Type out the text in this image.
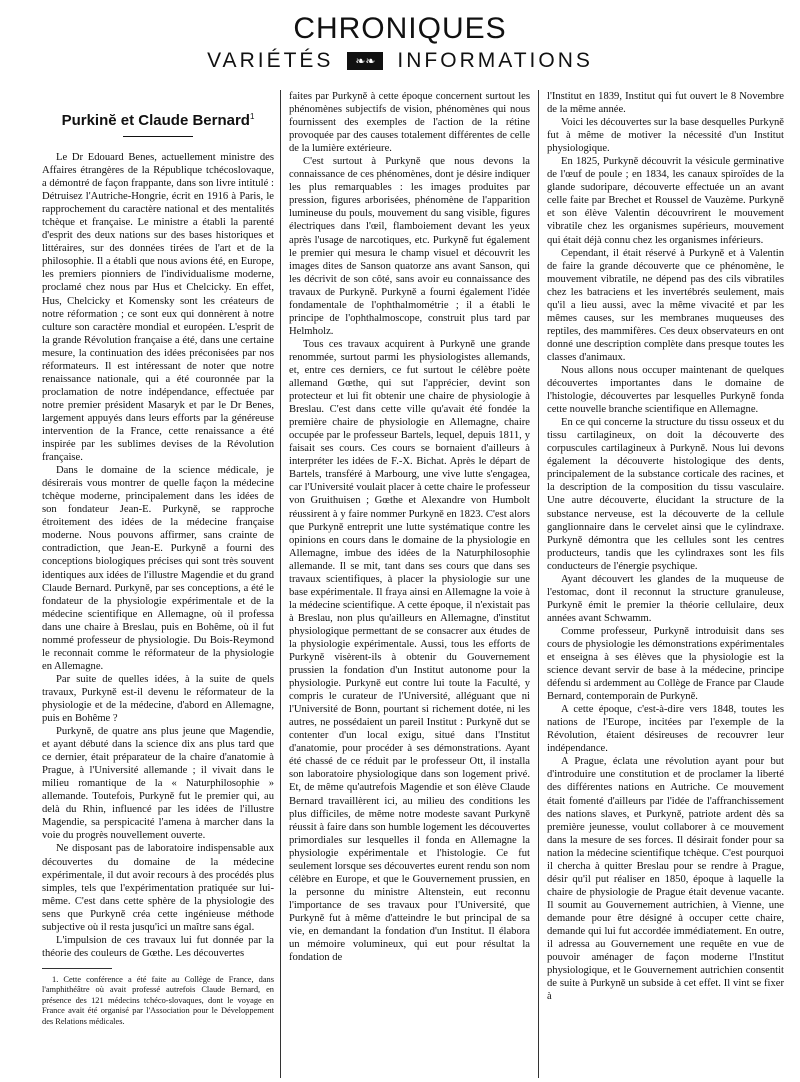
CHRONIQUES
VARIÉTÉS	❧❧	INFORMATIONS
Purkinĕ et Claude Bernard$^1$

Le Dr Edouard Benes, actuellement ministre des Affaires étrangères de la République tchécoslovaque, a démontré de façon frappante, dans son livre intitulé : Détruisez l'Autriche-Hongrie, écrit en 1916 à Paris, le rapprochement du caractère national et des mentalités tchèque et française. Le ministre a établi la parenté d'esprit des deux nations sur des bases historiques et littéraires, sur des données tirées de l'art et de la philosophie. Il a établi que nous avions été, en Europe, les premiers pionniers de l'individualisme moderne, proclamé chez nous par Hus et Chelcicky. En effet, Hus, Chelcicky et Komensky sont les créateurs de notre réformation ; ce sont eux qui donnèrent à notre culture son caractère mondial et européen. L'esprit de la grande Révolution française a été, dans une certaine mesure, la continuation des idées préconisées par nos réformateurs. Il est intéressant de noter que notre renaissance nationale, qui a été couronnée par la proclamation de notre indépendance, effectuée par notre premier président Masaryk et par le Dr Benes, largement appuyés dans leurs efforts par la généreuse intervention de la France, cette renaissance a été inspirée par les sublimes devises de la Révolution française.

Dans le domaine de la science médicale, je désirerais vous montrer de quelle façon la médecine tchèque moderne, principalement dans les idées de son fondateur Jean-E. Purkyně, se rapproche étroitement des idées de la médecine française moderne. Nous pouvons affirmer, sans crainte de contradiction, que Jean-E. Purkyně a fourni des conceptions biologiques précises qui sont très souvent identiques aux idées de l'illustre Magendie et du grand Claude Bernard. Purkyně, par ses conceptions, a été le fondateur de la physiologie expérimentale et de la médecine scientifique en Allemagne, où il professa dans une chaire à Breslau, puis en Bohême, où il fut nommé professeur de physiologie. Du Bois-Reymond le reconnait comme le réformateur de la physiologie en Allemagne.

Par suite de quelles idées, à la suite de quels travaux, Purkyně est-il devenu le réformateur de la physiologie et de la médecine, d'abord en Allemagne, puis en Bohême ?

Purkyně, de quatre ans plus jeune que Magendie, et ayant débuté dans la science dix ans plus tard que ce dernier, était préparateur de la chaire d'anatomie à Prague, à l'Université allemande ; il vivait dans le milieu romantique de la « Naturphilosophie » allemande. Toutefois, Purkyně fut le premier qui, au delà du Rhin, influencé par les idées de l'illustre Magendie, sa perspicacité l'amena à marcher dans la voie du progrès nouvellement ouverte.

Ne disposant pas de laboratoire indispensable aux découvertes du domaine de la médecine expérimentale, il dut avoir recours à des procédés plus simples, tels que l'expérimentation pratiquée sur lui-même. C'est dans cette sphère de la physiologie des sens que Purkyně créa cette ingénieuse méthode subjective où il resta jusqu'ici un maître sans égal.

L'impulsion de ces travaux lui fut donnée par la théorie des couleurs de Gœthe. Les découvertes

1. Cette conférence a été faite au Collège de France, dans l'amphithéâtre où avait professé autrefois Claude Bernard, en présence des 121 médecins tchéco-slovaques, dont le voyage en France avait été organisé par l'Association pour le Développement des Relations médicales.

faites par Purkyně à cette époque concernent surtout les phénomènes subjectifs de vision, phénomènes qui nous fournissent des exemples de l'action de la rétine provoquée par des causes totalement différentes de celle de la lumière extérieure.

C'est surtout à Purkyně que nous devons la connaissance de ces phénomènes, dont je désire indiquer les plus remarquables : les images produites par pression, figures arborisées, phénomène de l'apparition lumineuse du pouls, mouvement du sang visible, figures électriques dans l'œil, flamboiement devant les yeux après l'usage de narcotiques, etc. Purkyně fut également le premier qui mesura le champ visuel et découvrit les images dites de Sanson quatorze ans avant Sanson, qui les décrivit de son côté, sans avoir eu connaissance des travaux de Purkyně. Purkyně a fourni également l'idée fondamentale de l'ophthalmométrie ; il a établi le principe de l'ophthalmoscope, construit plus tard par Helmholz.

Tous ces travaux acquirent à Purkyně une grande renommée, surtout parmi les physiologistes allemands, et, entre ces derniers, ce fut surtout le célèbre poète allemand Gœthe, qui sut l'apprécier, devint son protecteur et lui fit obtenir une chaire de physiologie à Breslau. C'est dans cette ville qu'avait été fondée la première chaire de physiologie en Allemagne, chaire occupée par le professeur Bartels, lequel, depuis 1811, y faisait ses cours. Ces cours se bornaient d'ailleurs à interpréter les idées de F.-X. Bichat. Après le départ de Bartels, transféré à Marbourg, une vive lutte s'engagea, car l'Université voulait placer à cette chaire le professeur von Gruithuisen ; Gœthe et Alexandre von Humbolt réussirent à y faire nommer Purkyně en 1823. C'est alors que Purkyně entreprit une lutte systématique contre les opinions en cours dans le domaine de la physiologie en Allemagne, imbue des idées de la Naturphilosophie allemande. Il se mit, tant dans ses cours que dans ses travaux scientifiques, à placer la physiologie sur une base expérimentale. Il fraya ainsi en Allemagne la voie à la médecine scientifique. A cette époque, il n'existait pas à Breslau, non plus qu'ailleurs en Allemagne, d'institut physiologique permettant de se consacrer aux études de la physiologie expérimentale. Aussi, tous les efforts de Purkyně visèrent-ils à obtenir du Gouvernement prussien la fondation d'un Institut autonome pour la physiologie. Purkyně eut contre lui toute la Faculté, y compris le curateur de l'Université, alléguant que ni l'Université de Bonn, pourtant si richement dotée, ni les autres, ne possédaient un pareil Institut : Purkyně dut se contenter d'un local exigu, situé dans l'Institut d'anatomie, pour procéder à ses démonstrations. Ayant été chassé de ce réduit par le professeur Ott, il installa son laboratoire physiologique dans son logement privé. Et, de même qu'autrefois Magendie et son élève Claude Bernard travaillèrent ici, au milieu des conditions les plus difficiles, de même notre modeste savant Purkyně réussit à faire dans son humble logement les découvertes primordiales sur lesquelles il fonda en Allemagne la physiologie expérimentale et l'histologie. Ce fut seulement lorsque ses découvertes eurent rendu son nom célèbre en Europe, et que le Gouvernement prussien, en la personne du ministre Altenstein, eut reconnu l'importance de ses travaux pour l'Université, que Purkyně fut à même d'atteindre le but principal de sa vie, en demandant la fondation d'un Institut. Il élabora un mémoire volumineux, qui eut pour résultat la fondation de

l'Institut en 1839, Institut qui fut ouvert le 8 Novembre de la même année.

Voici les découvertes sur la base desquelles Purkyně fut à même de motiver la nécessité d'un Institut physiologique.

En 1825, Purkyně découvrit la vésicule germinative de l'œuf de poule ; en 1834, les canaux spiroïdes de la glande sudoripare, découverte effectuée un an avant celle faite par Brechet et Roussel de Vauzème. Purkyně et son élève Valentin découvrirent le mouvement vibratile chez les organismes supérieurs, mouvement qui était déjà connu chez les organismes inférieurs.

Cependant, il était réservé à Purkyně et à Valentin de faire la grande découverte que ce phénomène, le mouvement vibratile, ne dépend pas des cils vibratiles chez les batraciens et les invertébrés seulement, mais qu'il a lieu aussi, avec la même vivacité et par les mêmes causes, sur les membranes muqueuses des reptiles, des mammifères. Ces deux observateurs en ont donné une description complète dans presque toutes les classes d'animaux.

Nous allons nous occuper maintenant de quelques découvertes importantes dans le domaine de l'histologie, découvertes par lesquelles Purkyně fonda cette nouvelle branche scientifique en Allemagne.

En ce qui concerne la structure du tissu osseux et du tissu cartilagineux, on doit la découverte des corpuscules cartilagineux à Purkyně. Nous lui devons également la découverte histologique des dents, principalement de la substance corticale des racines, et la description de la composition du tissu vasculaire. Une autre découverte, élucidant la structure de la substance nerveuse, est la découverte de la cellule ganglionnaire dans le cervelet ainsi que le cylindraxe. Purkyně démontra que les cellules sont les centres producteurs, tandis que les cylindraxes sont les fils conducteurs de l'énergie psychique.

Ayant découvert les glandes de la muqueuse de l'estomac, dont il reconnut la structure granuleuse, Purkyně émit le premier la théorie cellulaire, deux années avant Schwamm.

Comme professeur, Purkyně introduisit dans ses cours de physiologie les démonstrations expérimentales et enseigna à ses élèves que la physiologie est la science devant servir de base à la médecine, principe défendu si ardemment au Collège de France par Claude Bernard, contemporain de Purkyně.

A cette époque, c'est-à-dire vers 1848, toutes les nations de l'Europe, incitées par l'exemple de la Révolution, étaient désireuses de recouvrer leur indépendance.

A Prague, éclata une révolution ayant pour but d'introduire une constitution et de proclamer la liberté des différentes nations en Autriche. Ce mouvement était fomenté d'ailleurs par l'idée de l'affranchissement des nations slaves, et Purkyně, patriote ardent dès sa première jeunesse, voulut collaborer à ce mouvement dans la mesure de ses forces. Il désirait fonder pour sa nation la médecine scientifique tchèque. C'est pourquoi il chercha à quitter Breslau pour se rendre à Prague, désir qu'il put réaliser en 1850, époque à laquelle la chaire de physiologie de Prague était devenue vacante. Il soumit au Gouvernement autrichien, à Vienne, une demande pour être désigné à occuper cette chaire, demande qui lui fut accordée immédiatement. En outre, il adressa au Gouvernement une requête en vue de pouvoir aménager de façon moderne l'Institut physiologique, et le Gouvernement autrichien consentit de suite à Purkyně un subside à cet effet. Il vint se fixer à
